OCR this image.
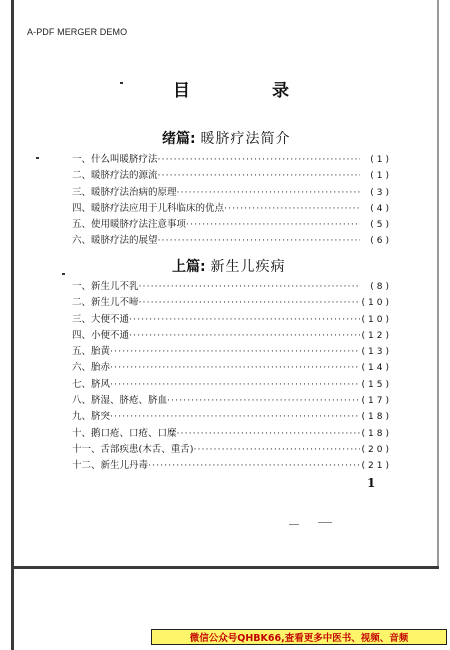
A-PDF MERGER DEMO
目 录
绪篇: 暖脐疗法简介
一、 什么叫暖脐疗法 ·····	(1)
二、 暖脐疗法的源流 ·····	(1)
三、 暖脐疗法治病的原理 ·····	(3)
四、 暖脐疗法应用于儿科临床的优点 ·····	(4)
五、 使用暖脐疗法注意事项 ·····	(5)
六、 暖脐疗法的展望 ·····	(6)
上篇: 新生儿疾病
一、 新生儿不乳 ·····	(8)
二、 新生儿不啼 ·····	(10)
三、 大便不通 ·····	(10)
四、 小便不通 ·····	(12)
五、 胎黄 ·····	(13)
六、 胎赤 ·····	(14)
七、 脐风 ·····	(15)
八、 脐湿、脐疮、脐血 ·····	(17)
九、 脐突 ·····	(18)
十、 鹅口疮、口疮、口糜 ·····	(18)
十一、 舌部疾患(木舌、重舌) ·····	(20)
十二、 新生儿丹毒 ·····	(21)
1
微信公众号QHBK66,查看更多中医书、视频、音频
